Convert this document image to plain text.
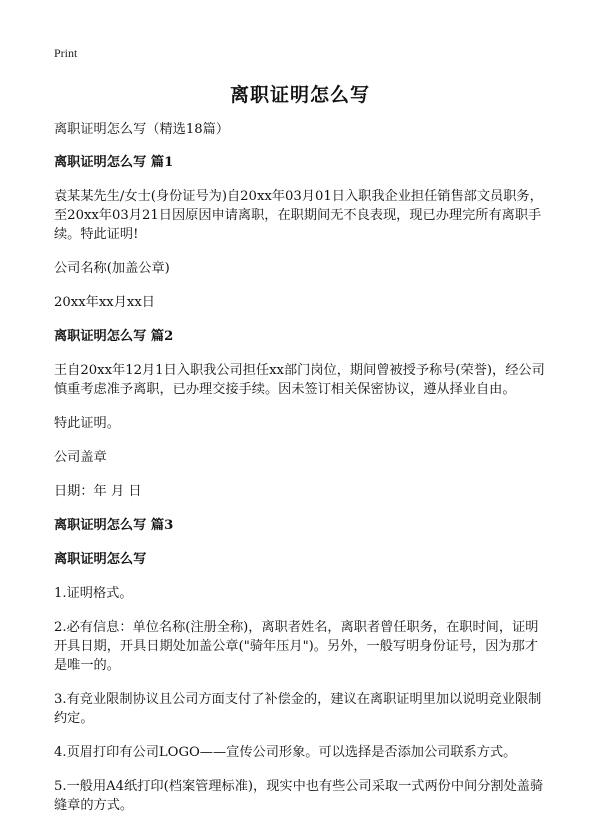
Print
离职证明怎么写

离职证明怎么写（精选18篇）

离职证明怎么写 篇1

袁某某先生/女士(身份证号为)自20xx年03月01日入职我企业担任销售部文员职务，至20xx年03月21日因原因申请离职，在职期间无不良表现，现已办理完所有离职手续。特此证明!

公司名称(加盖公章)

20xx年xx月xx日

离职证明怎么写 篇2

王自20xx年12月1日入职我公司担任xx部门岗位，期间曾被授予称号(荣誉)，经公司慎重考虑准予离职，已办理交接手续。因未签订相关保密协议，遵从择业自由。

特此证明。

公司盖章

日期：年 月 日

离职证明怎么写 篇3
离职证明怎么写

1.证明格式。

2.必有信息：单位名称(注册全称)，离职者姓名，离职者曾任职务，在职时间，证明开具日期，开具日期处加盖公章("骑年压月")。另外，一般写明身份证号，因为那才是唯一的。

3.有竞业限制协议且公司方面支付了补偿金的，建议在离职证明里加以说明竞业限制约定。

4.页眉打印有公司LOGO——宣传公司形象。可以选择是否添加公司联系方式。

5.一般用A4纸打印(档案管理标准)，现实中也有些公司采取一式两份中间分割处盖骑缝章的方式。
